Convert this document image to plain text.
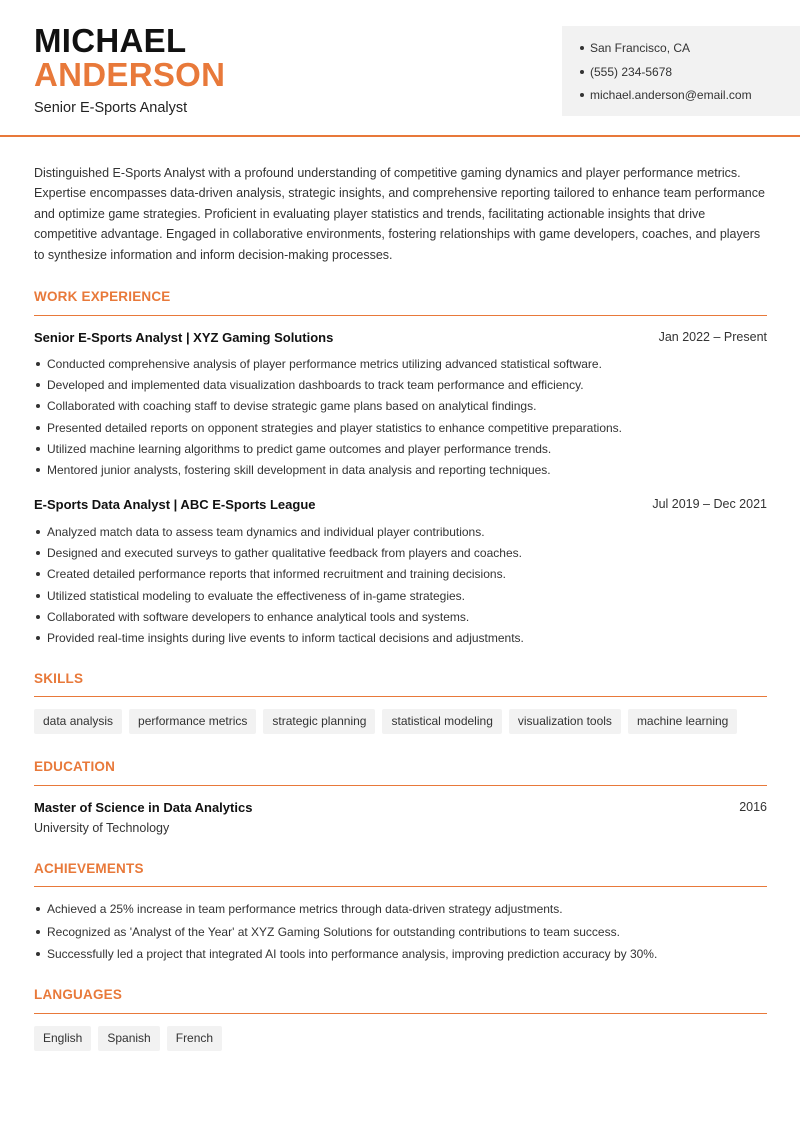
MICHAEL
ANDERSON
Senior E-Sports Analyst
San Francisco, CA
(555) 234-5678
michael.anderson@email.com

Distinguished E-Sports Analyst with a profound understanding of competitive gaming dynamics and player performance metrics. Expertise encompasses data-driven analysis, strategic insights, and comprehensive reporting tailored to enhance team performance and optimize game strategies. Proficient in evaluating player statistics and trends, facilitating actionable insights that drive competitive advantage. Engaged in collaborative environments, fostering relationships with game developers, coaches, and players to synthesize information and inform decision-making processes.

WORK EXPERIENCE
Senior E-Sports Analyst | XYZ Gaming Solutions	Jan 2022 – Present
Conducted comprehensive analysis of player performance metrics utilizing advanced statistical software.
Developed and implemented data visualization dashboards to track team performance and efficiency.
Collaborated with coaching staff to devise strategic game plans based on analytical findings.
Presented detailed reports on opponent strategies and player statistics to enhance competitive preparations.
Utilized machine learning algorithms to predict game outcomes and player performance trends.
Mentored junior analysts, fostering skill development in data analysis and reporting techniques.
E-Sports Data Analyst | ABC E-Sports League	Jul 2019 – Dec 2021
Analyzed match data to assess team dynamics and individual player contributions.
Designed and executed surveys to gather qualitative feedback from players and coaches.
Created detailed performance reports that informed recruitment and training decisions.
Utilized statistical modeling to evaluate the effectiveness of in-game strategies.
Collaborated with software developers to enhance analytical tools and systems.
Provided real-time insights during live events to inform tactical decisions and adjustments.
SKILLS
data analysis	performance metrics	strategic planning	statistical modeling	visualization tools	machine learning
EDUCATION
Master of Science in Data Analytics	2016
University of Technology
ACHIEVEMENTS
Achieved a 25% increase in team performance metrics through data-driven strategy adjustments.
Recognized as 'Analyst of the Year' at XYZ Gaming Solutions for outstanding contributions to team success.
Successfully led a project that integrated AI tools into performance analysis, improving prediction accuracy by 30%.
LANGUAGES
English	Spanish	French
